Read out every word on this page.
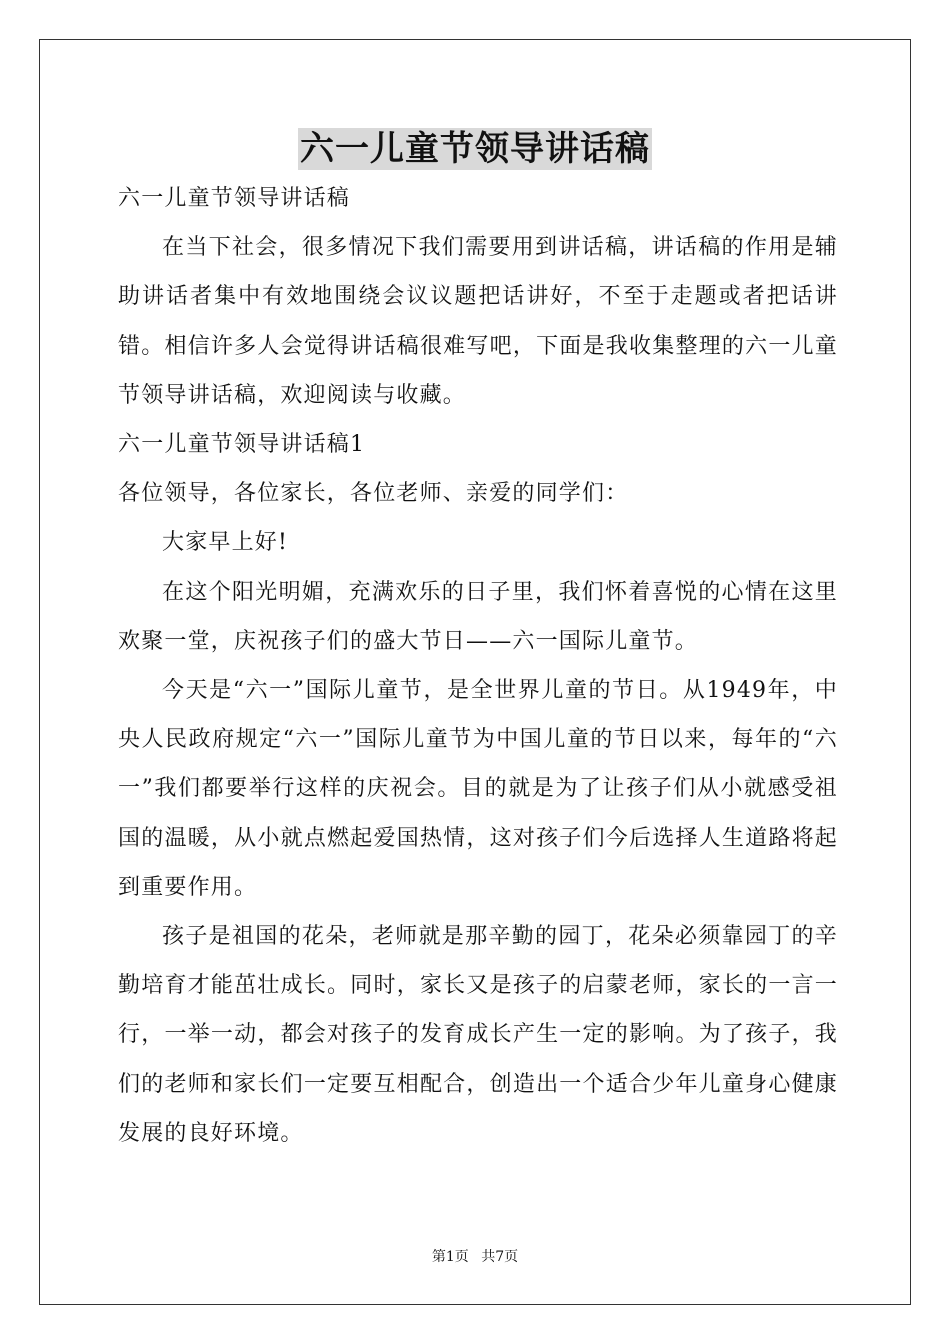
六一儿童节领导讲话稿
六一儿童节领导讲话稿

在当下社会，很多情况下我们需要用到讲话稿，讲话稿的作用是辅助讲话者集中有效地围绕会议议题把话讲好，不至于走题或者把话讲错。相信许多人会觉得讲话稿很难写吧，下面是我收集整理的六一儿童节领导讲话稿，欢迎阅读与收藏。

六一儿童节领导讲话稿1
各位领导，各位家长，各位老师、亲爱的同学们：
大家早上好!

在这个阳光明媚，充满欢乐的日子里，我们怀着喜悦的心情在这里欢聚一堂，庆祝孩子们的盛大节日——六一国际儿童节。

今天是“六一”国际儿童节，是全世界儿童的节日。从1949年，中央人民政府规定“六一”国际儿童节为中国儿童的节日以来，每年的“六一”我们都要举行这样的庆祝会。目的就是为了让孩子们从小就感受祖国的温暖，从小就点燃起爱国热情，这对孩子们今后选择人生道路将起到重要作用。

孩子是祖国的花朵，老师就是那辛勤的园丁，花朵必须靠园丁的辛勤培育才能茁壮成长。同时，家长又是孩子的启蒙老师，家长的一言一行，一举一动，都会对孩子的发育成长产生一定的影响。为了孩子，我们的老师和家长们一定要互相配合，创造出一个适合少年儿童身心健康发展的良好环境。

第1页 共7页
